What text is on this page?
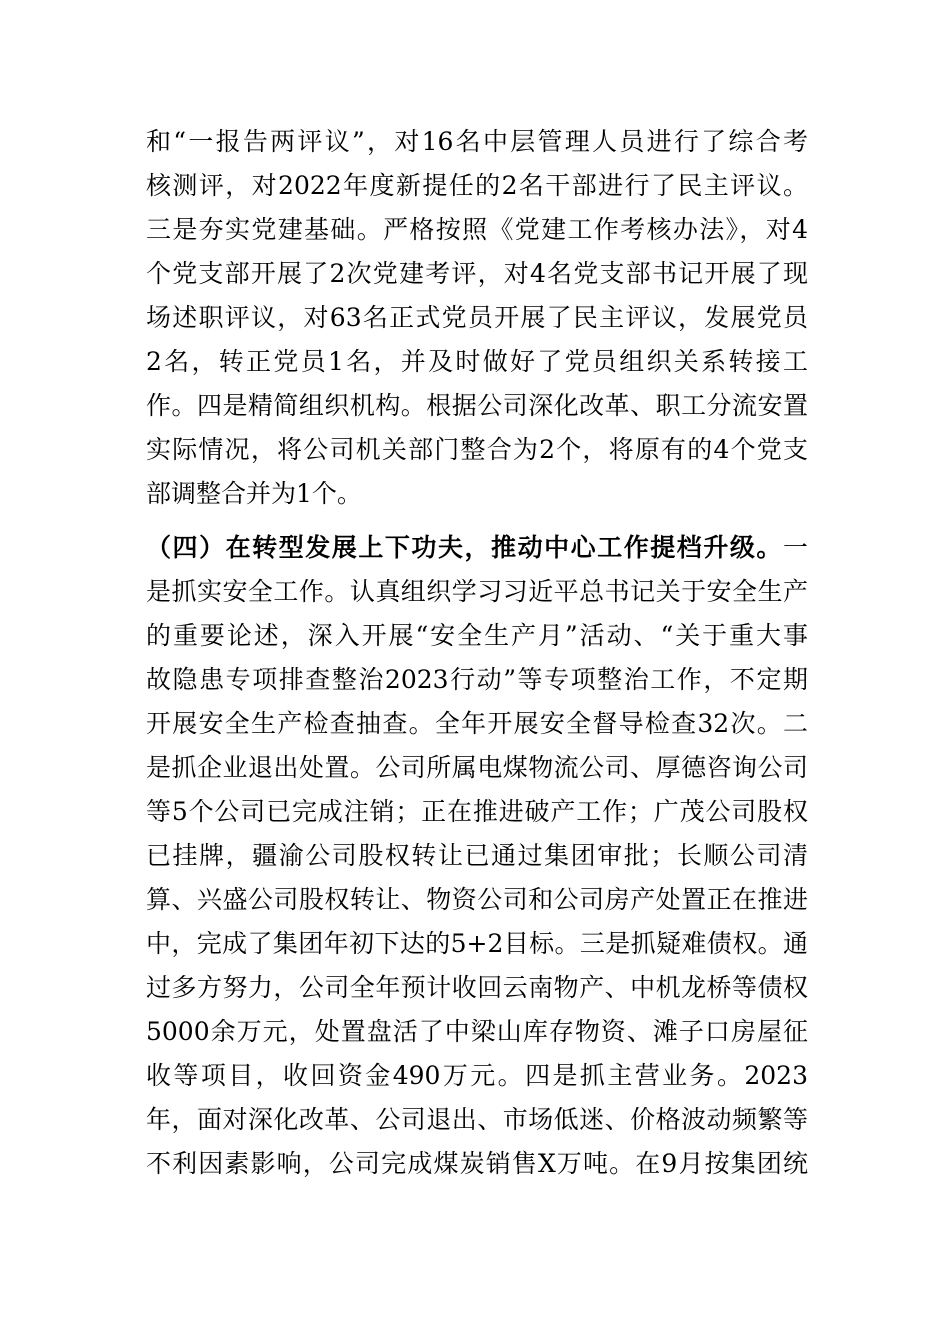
和“一报告两评议”，对16名中层管理人员进行了综合考
核测评，对2022年度新提任的2名干部进行了民主评议。
三是夯实党建基础。严格按照《党建工作考核办法》，对4
个党支部开展了2次党建考评，对4名党支部书记开展了现
场述职评议，对63名正式党员开展了民主评议，发展党员
2名，转正党员1名，并及时做好了党员组织关系转接工
作。四是精简组织机构。根据公司深化改革、职工分流安置
实际情况，将公司机关部门整合为2个，将原有的4个党支
部调整合并为1个。
（四）在转型发展上下功夫，推动中心工作提档升级。一
是抓实安全工作。认真组织学习习近平总书记关于安全生产
的重要论述，深入开展“安全生产月”活动、“关于重大事
故隐患专项排查整治2023行动”等专项整治工作，不定期
开展安全生产检查抽查。全年开展安全督导检查32次。二
是抓企业退出处置。公司所属电煤物流公司、厚德咨询公司
等5个公司已完成注销；正在推进破产工作；广茂公司股权
已挂牌，疆渝公司股权转让已通过集团审批；长顺公司清
算、兴盛公司股权转让、物资公司和公司房产处置正在推进
中，完成了集团年初下达的5+2目标。三是抓疑难债权。通
过多方努力，公司全年预计收回云南物产、中机龙桥等债权
5000余万元，处置盘活了中梁山库存物资、滩子口房屋征
收等项目，收回资金490万元。四是抓主营业务。2023
年，面对深化改革、公司退出、市场低迷、价格波动频繁等
不利因素影响，公司完成煤炭销售X万吨。在9月按集团统
